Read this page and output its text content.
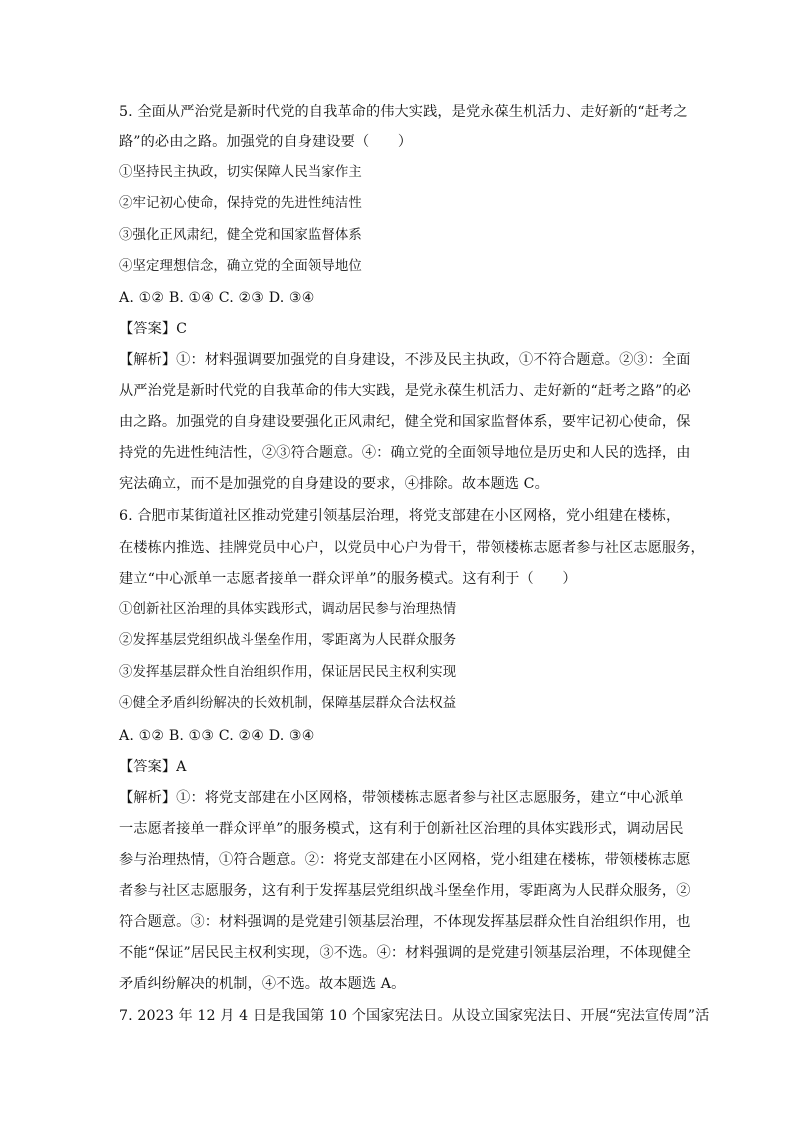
5. 全面从严治党是新时代党的自我革命的伟大实践，是党永葆生机活力、走好新的“赶考之
路”的必由之路。加强党的自身建设要（　　）
①坚持民主执政，切实保障人民当家作主
②牢记初心使命，保持党的先进性纯洁性
③强化正风肃纪，健全党和国家监督体系
④坚定理想信念，确立党的全面领导地位
A. ①② B. ①④ C. ②③ D. ③④
【答案】C
【解析】①：材料强调要加强党的自身建设，不涉及民主执政，①不符合题意。②③：全面
从严治党是新时代党的自我革命的伟大实践，是党永葆生机活力、走好新的“赶考之路”的必
由之路。加强党的自身建设要强化正风肃纪，健全党和国家监督体系，要牢记初心使命，保
持党的先进性纯洁性，②③符合题意。④：确立党的全面领导地位是历史和人民的选择，由
宪法确立，而不是加强党的自身建设的要求，④排除。故本题选 C。
6. 合肥市某街道社区推动党建引领基层治理，将党支部建在小区网格，党小组建在楼栋，
在楼栋内推选、挂牌党员中心户，以党员中心户为骨干，带领楼栋志愿者参与社区志愿服务，
建立“中心派单一志愿者接单一群众评单”的服务模式。这有利于（　　）
①创新社区治理的具体实践形式，调动居民参与治理热情
②发挥基层党组织战斗堡垒作用，零距离为人民群众服务
③发挥基层群众性自治组织作用，保证居民民主权利实现
④健全矛盾纠纷解决的长效机制，保障基层群众合法权益
A. ①② B. ①③ C. ②④ D. ③④
【答案】A
【解析】①：将党支部建在小区网格，带领楼栋志愿者参与社区志愿服务，建立“中心派单
一志愿者接单一群众评单”的服务模式，这有利于创新社区治理的具体实践形式，调动居民
参与治理热情，①符合题意。②：将党支部建在小区网格，党小组建在楼栋，带领楼栋志愿
者参与社区志愿服务，这有利于发挥基层党组织战斗堡垒作用，零距离为人民群众服务，②
符合题意。③：材料强调的是党建引领基层治理，不体现发挥基层群众性自治组织作用，也
不能“保证”居民民主权利实现，③不选。④：材料强调的是党建引领基层治理，不体现健全
矛盾纠纷解决的机制，④不选。故本题选 A。
7. 2023 年 12 月 4 日是我国第 10 个国家宪法日。从设立国家宪法日、开展“宪法宣传周”活
